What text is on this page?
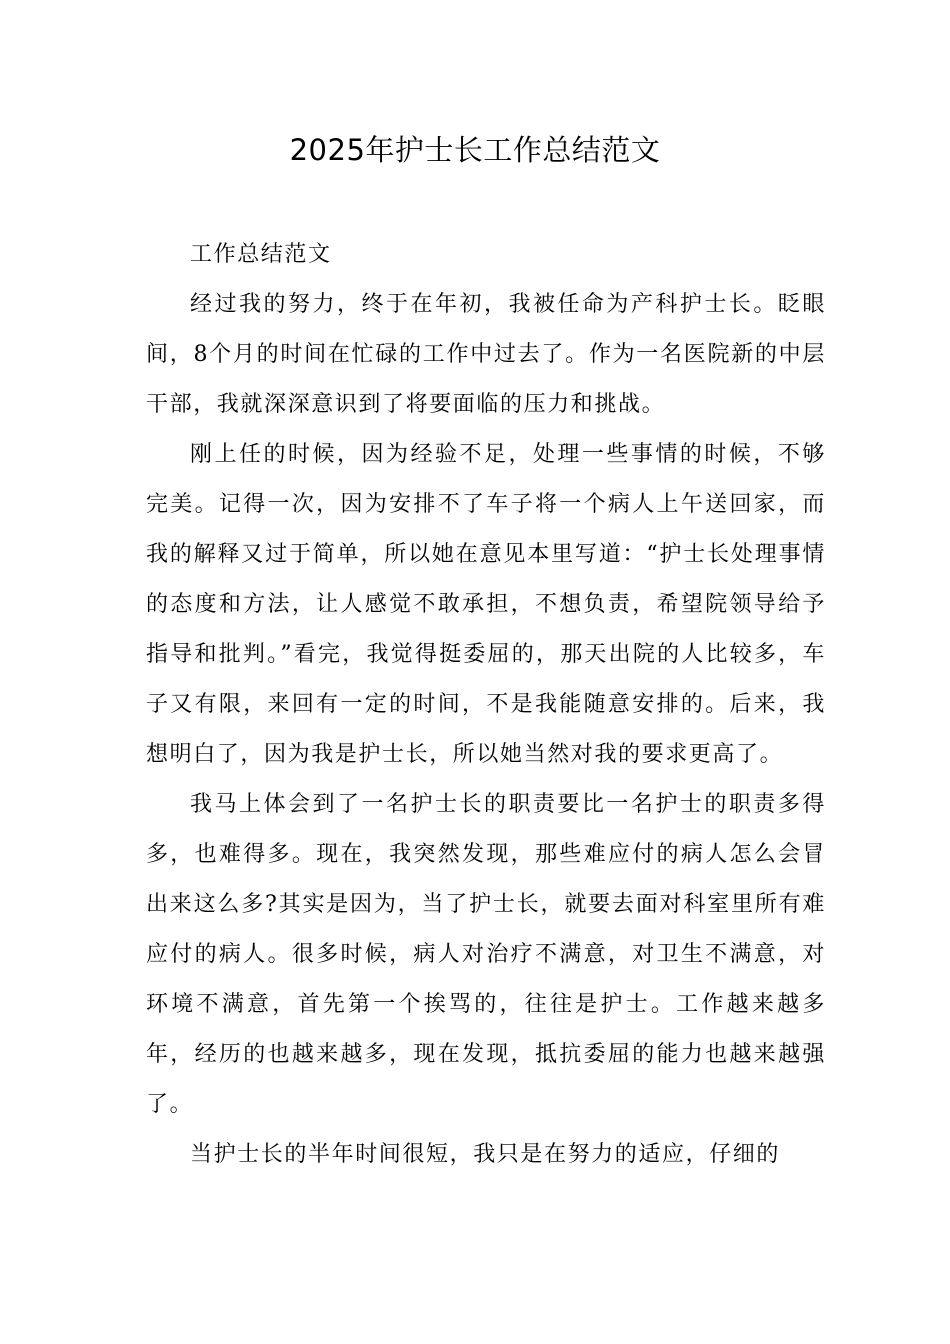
2025年护士长工作总结范文

工作总结范文

经过我的努力，终于在年初，我被任命为产科护士长。眨眼间，8个月的时间在忙碌的工作中过去了。作为一名医院新的中层干部，我就深深意识到了将要面临的压力和挑战。

刚上任的时候，因为经验不足，处理一些事情的时候，不够完美。记得一次，因为安排不了车子将一个病人上午送回家，而我的解释又过于简单，所以她在意见本里写道：“护士长处理事情的态度和方法，让人感觉不敢承担，不想负责，希望院领导给予指导和批判。”看完，我觉得挺委屈的，那天出院的人比较多，车子又有限，来回有一定的时间，不是我能随意安排的。后来，我想明白了，因为我是护士长，所以她当然对我的要求更高了。

我马上体会到了一名护士长的职责要比一名护士的职责多得多，也难得多。现在，我突然发现，那些难应付的病人怎么会冒出来这么多?其实是因为，当了护士长，就要去面对科室里所有难应付的病人。很多时候，病人对治疗不满意，对卫生不满意，对环境不满意，首先第一个挨骂的，往往是护士。工作越来越多年，经历的也越来越多，现在发现，抵抗委屈的能力也越来越强了。

当护士长的半年时间很短，我只是在努力的适应，仔细的
